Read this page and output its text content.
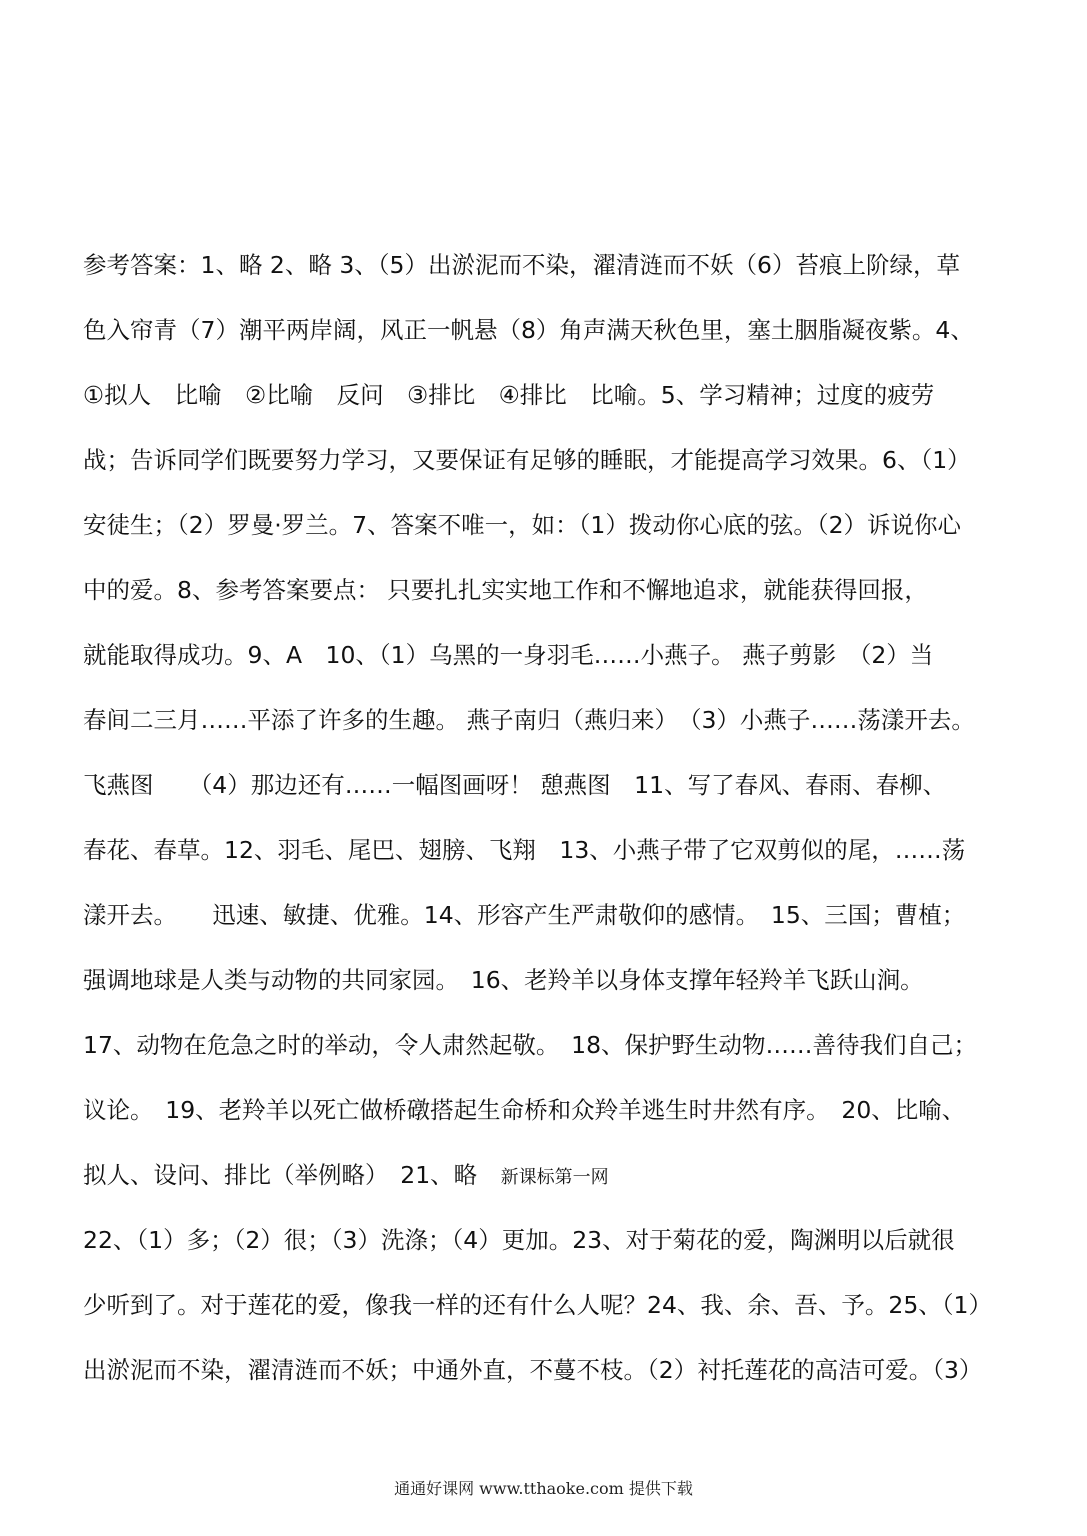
参考答案：1、略 2、略 3、（5）出淤泥而不染，濯清涟而不妖（6）苔痕上阶绿，草
色入帘青（7）潮平两岸阔，风正一帆悬（8）角声满天秋色里，塞土胭脂凝夜紫。4、
①拟人　比喻　②比喻　反问　③排比　④排比　比喻。5、学习精神；过度的疲劳
战；告诉同学们既要努力学习，又要保证有足够的睡眠，才能提高学习效果。6、（1）
安徒生；（2）罗曼·罗兰。7、答案不唯一，如：（1）拨动你心底的弦。（2）诉说你心
中的爱。8、参考答案要点： 只要扎扎实实地工作和不懈地追求，就能获得回报，
就能取得成功。9、A　10、（1）乌黑的一身羽毛……小燕子。 燕子剪影　（2）当
春间二三月……平添了许多的生趣。 燕子南归（燕归来）　（3）小燕子……荡漾开去。
飞燕图　　（4）那边还有……一幅图画呀！ 憩燕图　11、写了春风、春雨、春柳、
春花、春草。12、羽毛、尾巴、翅膀、飞翔　13、小燕子带了它双剪似的尾，……荡
漾开去。　　迅速、敏捷、优雅。14、形容产生严肃敬仰的感情。　15、三国；曹植；
强调地球是人类与动物的共同家园。　16、老羚羊以身体支撑年轻羚羊飞跃山涧。
17、动物在危急之时的举动，令人肃然起敬。　18、保护野生动物……善待我们自己；
议论。　19、老羚羊以死亡做桥礅搭起生命桥和众羚羊逃生时井然有序。　20、比喻、
拟人、设问、排比（举例略）　21、略　新课标第一网
22、（1）多；（2）很；（3）洗涤；（4）更加。23、对于菊花的爱，陶渊明以后就很
少听到了。对于莲花的爱，像我一样的还有什么人呢？24、我、余、吾、予。25、（1）
出淤泥而不染，濯清涟而不妖；中通外直，不蔓不枝。（2）衬托莲花的高洁可爱。（3）
通通好课网 www.tthaoke.com 提供下载
